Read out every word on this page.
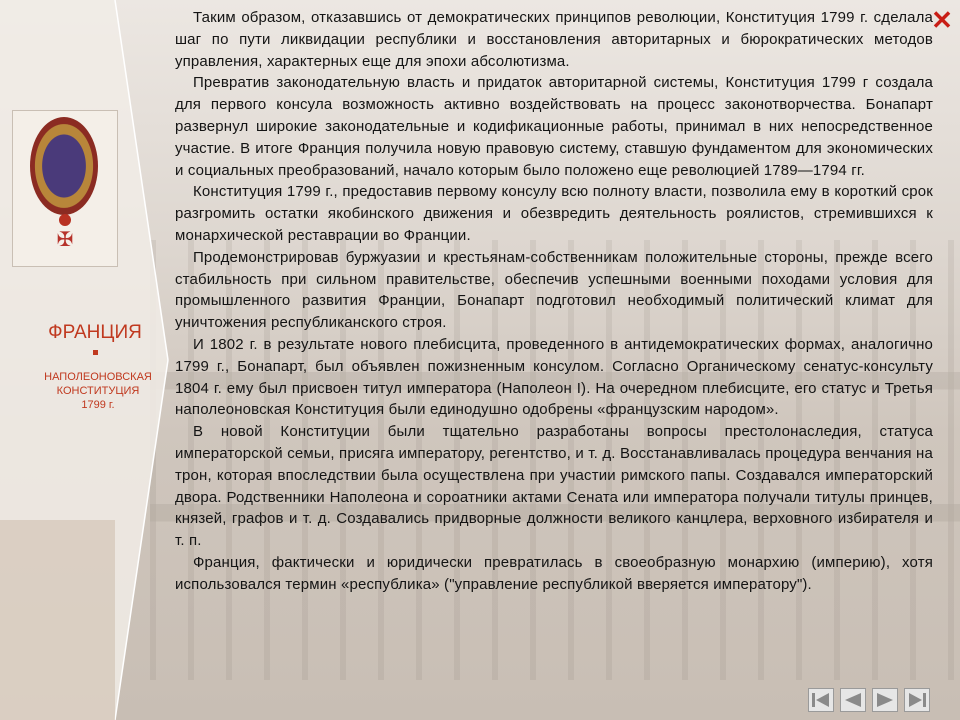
✠
ФРАНЦИЯ
НАПОЛЕОНОВСКАЯ
КОНСТИТУЦИЯ
1799 г.

Таким образом, отказавшись от демократических принципов революции, Конституция 1799 г. сделала шаг по пути ликвидации республики и восстановления авторитарных и бюрократических методов управления, характерных еще для эпохи абсолютизма.

Превратив законодательную власть и придаток авторитарной системы, Конституция 1799 г создала для первого консула возможность активно воздействовать на процесс законотворчества. Бонапарт развернул широкие законодательные и кодификационные работы, принимал в них непосредственное участие. В итоге Франция получила новую правовую систему, ставшую фундаментом для экономических и социальных преобразований, начало которым было положено еще революцией 1789—1794 гг.

Конституция 1799 г., предоставив первому консулу всю полноту власти, позволила ему в короткий срок разгромить остатки якобинского движения и обезвредить деятельность роялистов, стремившихся к монархической реставрации во Франции.

Продемонстрировав буржуазии и крестьянам-собственникам положительные стороны, прежде всего стабильность при сильном правительстве, обеспечив успешными военными походами условия для промышленного развития Франции, Бонапарт подготовил необходимый политический климат для уничтожения республиканского строя.

И 1802 г. в результате нового плебисцита, проведенного в антидемократических формах, аналогично 1799 г., Бонапарт, был объявлен пожизненным консулом. Согласно Органическому сенатус-консульту 1804 г. ему был присвоен титул императора (Наполеон I). На очередном плебисците, его статус и Третья наполеоновская Конституция были единодушно одобрены «французским народом».

В новой Конституции были тщательно разработаны вопросы престолонаследия, статуса императорской семьи, присяга императору, регентство, и т. д. Восстанавливалась процедура венчания на трон, которая впоследствии была осуществлена при участии римского папы. Создавался императорский двора. Родственники Наполеона и сороатники актами Сената или императора получали титулы принцев, князей, графов и т. д. Создавались придворные должности великого канцлера, верховного избирателя и т. п.

Франция, фактически и юридически превратилась в своеобразную монархию (империю), хотя использовался термин «республика» ("управление республикой вверяется императору").

✕
